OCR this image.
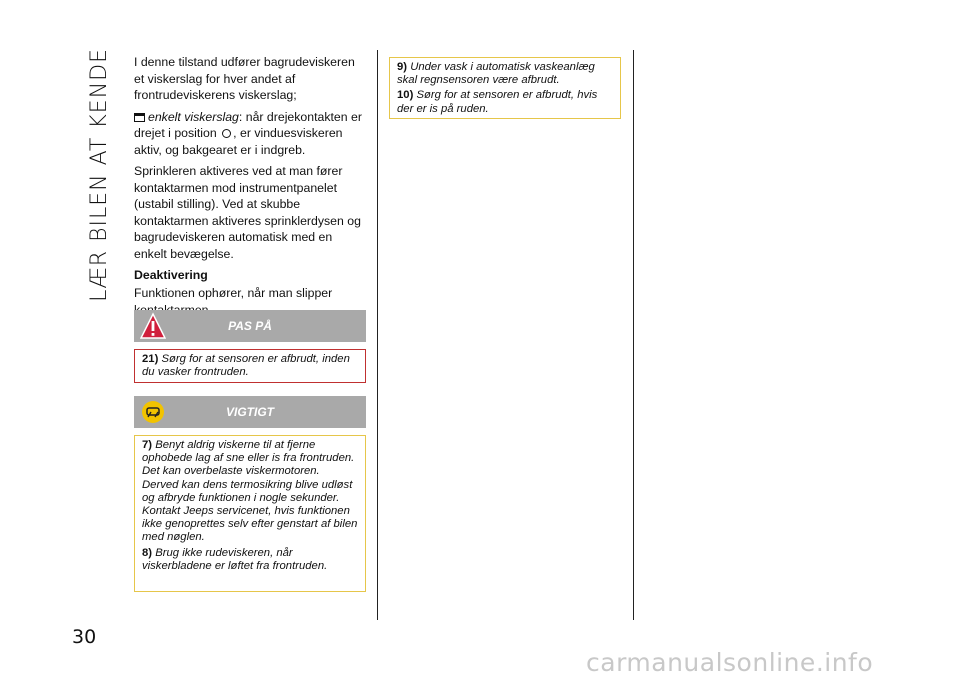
LÆR BILEN AT KENDE
30

I denne tilstand udfører bagrudeviskeren et viskerslag for hver andet af frontrudeviskerens viskerslag;

enkelt viskerslag: når drejekontakten er drejet i position , er vinduesviskeren aktiv, og bakgearet er i indgreb.

Sprinkleren aktiveres ved at man fører kontaktarmen mod instrumentpanelet (ustabil stilling). Ved at skubbe kontaktarmen aktiveres sprinklerdysen og bagrudeviskeren automatisk med en enkelt bevægelse.

Deaktivering

Funktionen ophører, når man slipper

PAS PÅ
21) Sørg for at sensoren er afbrudt, inden du vasker frontruden.
VIGTIGT
7) Benyt aldrig viskerne til at fjerne ophobede lag af sne eller is fra frontruden. Det kan overbelaste viskermotoren. Derved kan dens termosikring blive udløst og afbryde funktionen i nogle sekunder. Kontakt Jeeps servicenet, hvis funktionen ikke genoprettes selv efter genstart af bilen med nøglen.
8) Brug ikke rudeviskeren, når viskerbladene er løftet fra frontruden.
9) Under vask i automatisk vaskeanlæg skal regnsensoren være afbrudt.
10) Sørg for at sensoren er afbrudt, hvis der er is på ruden.
carmanualsonline.info
